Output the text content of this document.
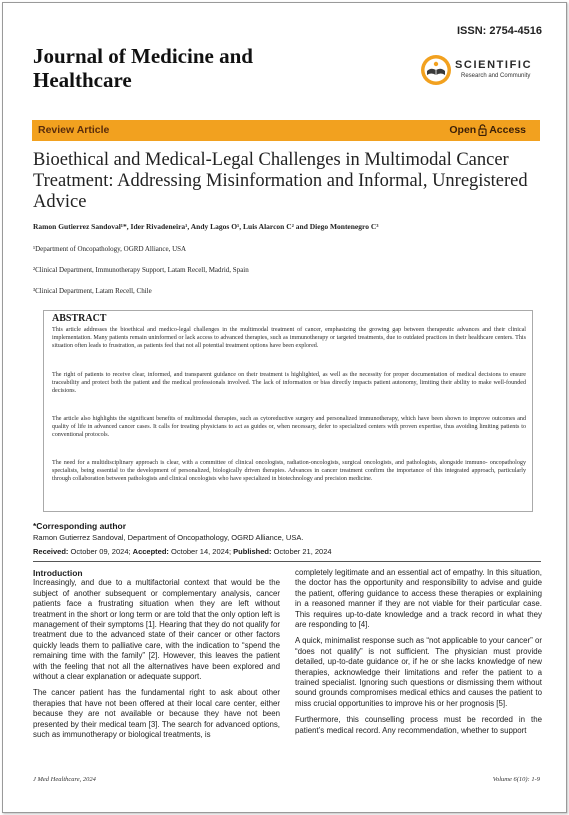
ISSN: 2754-4516
Journal of Medicine and
Healthcare
SCIENTIFIC
Research and Community
Review Article	Open Access
Bioethical and Medical-Legal Challenges in Multimodal Cancer Treatment: Addressing Misinformation and Informal, Unregistered Advice
Ramon Gutierrez Sandoval¹*, Ider Rivadeneira¹, Andy Lagos O¹, Luis Alarcon C² and Diego Montenegro C³
¹Department of Oncopathology, OGRD Alliance, USA
²Clinical Department, Immunotherapy Support, Latam Recell, Madrid, Spain
³Clinical Department, Latam Recell, Chile
ABSTRACT

This article addresses the bioethical and medico-legal challenges in the multimodal treatment of cancer, emphasizing the growing gap between therapeutic advances and their clinical implementation. Many patients remain uninformed or lack access to advanced therapies, such as immunotherapy or targeted treatments, due to outdated practices in their healthcare centers. This situation often leads to frustration, as patients feel that not all potential treatment options have been explored.

The right of patients to receive clear, informed, and transparent guidance on their treatment is highlighted, as well as the necessity for proper documentation of medical decisions to ensure traceability and protect both the patient and the medical professionals involved. The lack of information or bias directly impacts patient autonomy, limiting their ability to make well-founded decisions.

The article also highlights the significant benefits of multimodal therapies, such as cytoreductive surgery and personalized immunotherapy, which have been shown to improve outcomes and quality of life in advanced cancer cases. It calls for treating physicians to act as guides or, when necessary, defer to specialized centers with proven expertise, thus avoiding limiting patients to conventional protocols.

The need for a multidisciplinary approach is clear, with a committee of clinical oncologists, radiation-oncologists, surgical oncologists, and pathologists, alongside immuno- oncopathology specialists, being essential to the development of personalized, biologically driven therapies. Advances in cancer treatment confirm the importance of this integrated approach, particularly through collaboration between pathologists and clinical oncologists who have specialized in biotechnology and precision medicine.

*Corresponding author
Ramon Gutierrez Sandoval, Department of Oncopathology, OGRD Alliance, USA.
Received: October 09, 2024; Accepted: October 14, 2024; Published: October 21, 2024
Introduction

Increasingly, and due to a multifactorial context that would be the subject of another subsequent or complementary analysis, cancer patients face a frustrating situation when they are left without treatment in the short or long term or are told that the only option left is management of their symptoms [1]. Hearing that they do not qualify for treatment due to the advanced state of their cancer or other factors quickly leads them to palliative care, with the indication to “spend the remaining time with the family” [2]. However, this leaves the patient with the feeling that not all the alternatives have been explored and without a clear explanation or adequate support.

The cancer patient has the fundamental right to ask about other therapies that have not been offered at their local care center, either because they are not available or because they have not been presented by their medical team [3]. The search for advanced options, such as immunotherapy or biological treatments, is

completely legitimate and an essential act of empathy. In this situation, the doctor has the opportunity and responsibility to advise and guide the patient, offering guidance to access these therapies or explaining in a reasoned manner if they are not viable for their particular case. This requires up-to-date knowledge and a track record in what they are responding to [4].

A quick, minimalist response such as “not applicable to your cancer” or “does not qualify” is not sufficient. The physician must provide detailed, up-to-date guidance or, if he or she lacks knowledge of new therapies, acknowledge their limitations and refer the patient to a trained specialist. Ignoring such questions or dismissing them without sound grounds compromises medical ethics and causes the patient to miss crucial opportunities to improve his or her prognosis [5].

Furthermore, this counselling process must be recorded in the patient’s medical record. Any recommendation, whether to support

J Med Healthcare, 2024	Volume 6(10): 1-9
